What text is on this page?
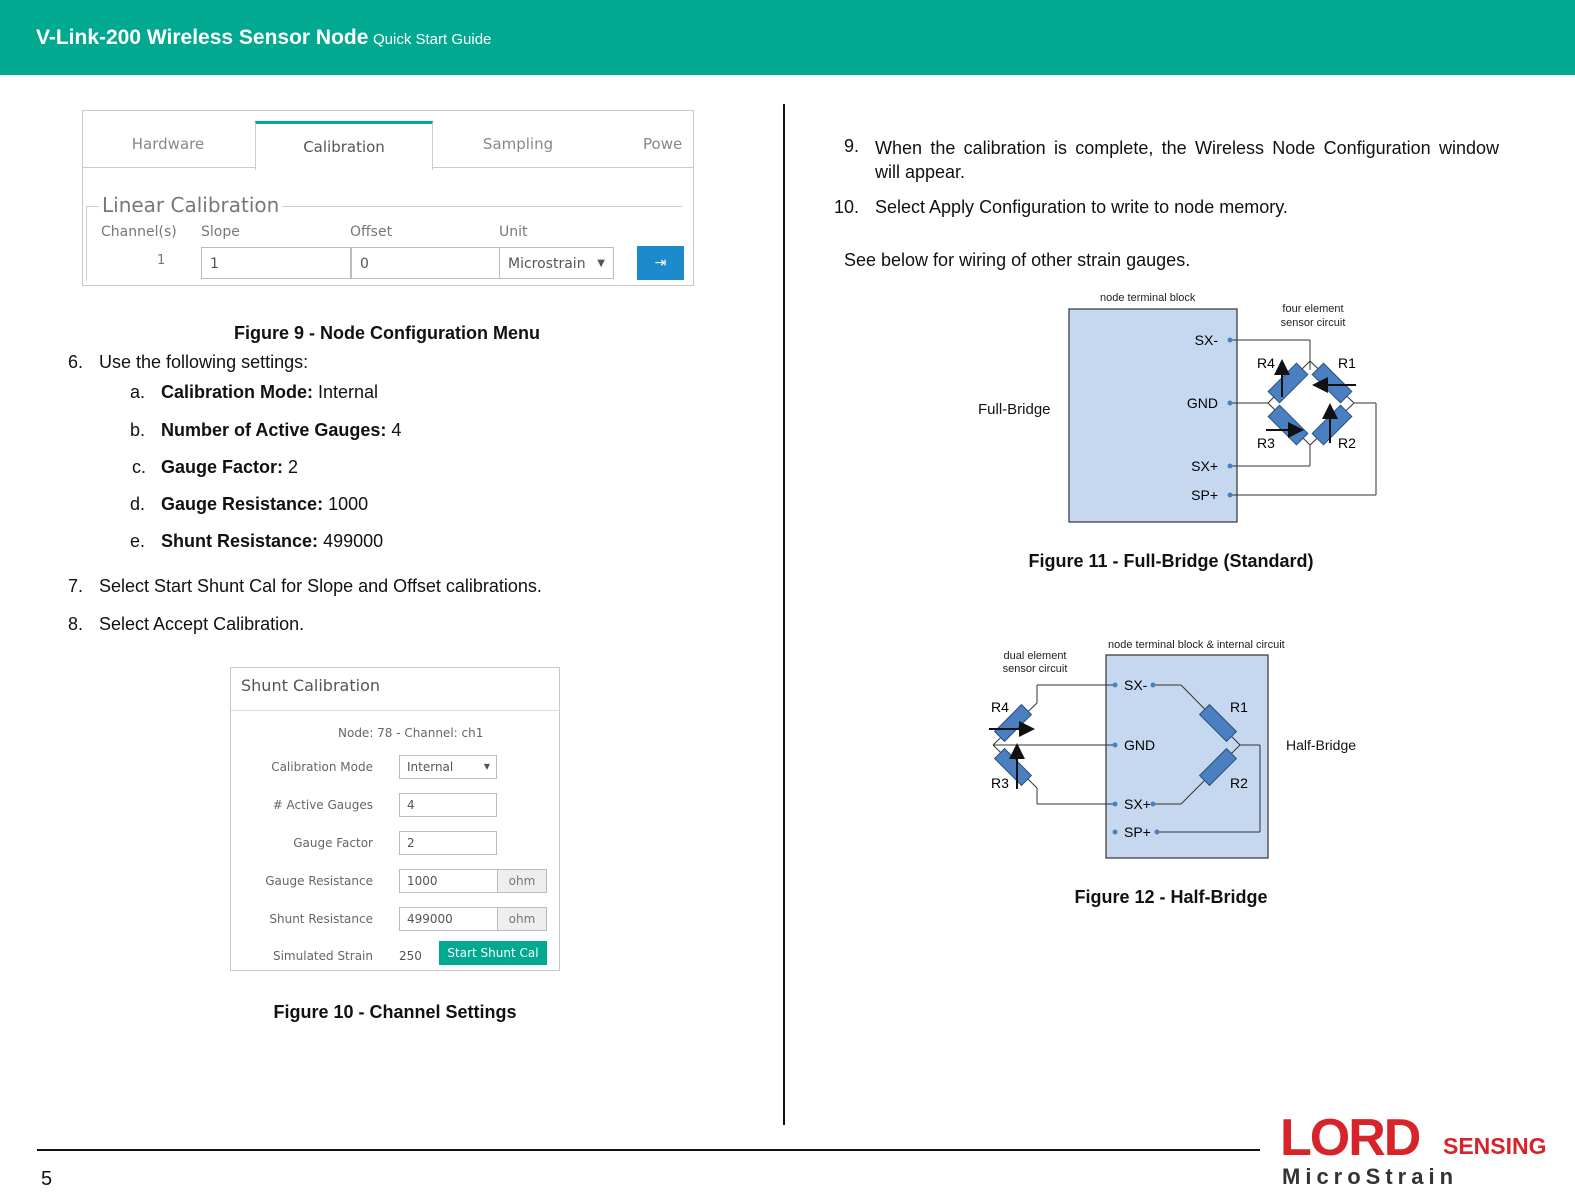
V-Link-200 Wireless Sensor Node Quick Start Guide
Hardware	Calibration	Sampling	Powe
Linear Calibration
Channel(s) Slope	Offset	Unit
1	1	0	Microstrain ▼	⇥
Figure 9 - Node Configuration Menu
6. Use the following settings:
a. Calibration Mode: Internal
b. Number of Active Gauges: 4
c. Gauge Factor: 2
d. Gauge Resistance: 1000
e. Shunt Resistance: 499000
7. Select Start Shunt Cal for Slope and Offset calibrations.
8. Select Accept Calibration.
Shunt Calibration
Node: 78 - Channel: ch1
Calibration Mode	Internal	▼
# Active Gauges	4
Gauge Factor	2
Gauge Resistance	1000	ohm
Shunt Resistance	499000	ohm
Simulated Strain 250	Start Shunt Cal
Figure 10 - Channel Settings
9. When the calibration is complete, the Wireless Node Configuration window will appear.
10. Select Apply Configuration to write to node memory.
See below for wiring of other strain gauges.
node terminal block
four element
sensor circuit
Full-Bridge
SX-
GND
SX+
SP+
R4	R1
R3	R2
Figure 11 - Full-Bridge (Standard)
node terminal block & internal circuit
dual element
sensor circuit
Half-Bridge
SX-
GND
SX+
SP+
R4
R3
R1
R2
Figure 12 - Half-Bridge
5
LORD SENSING
MicroStrain
